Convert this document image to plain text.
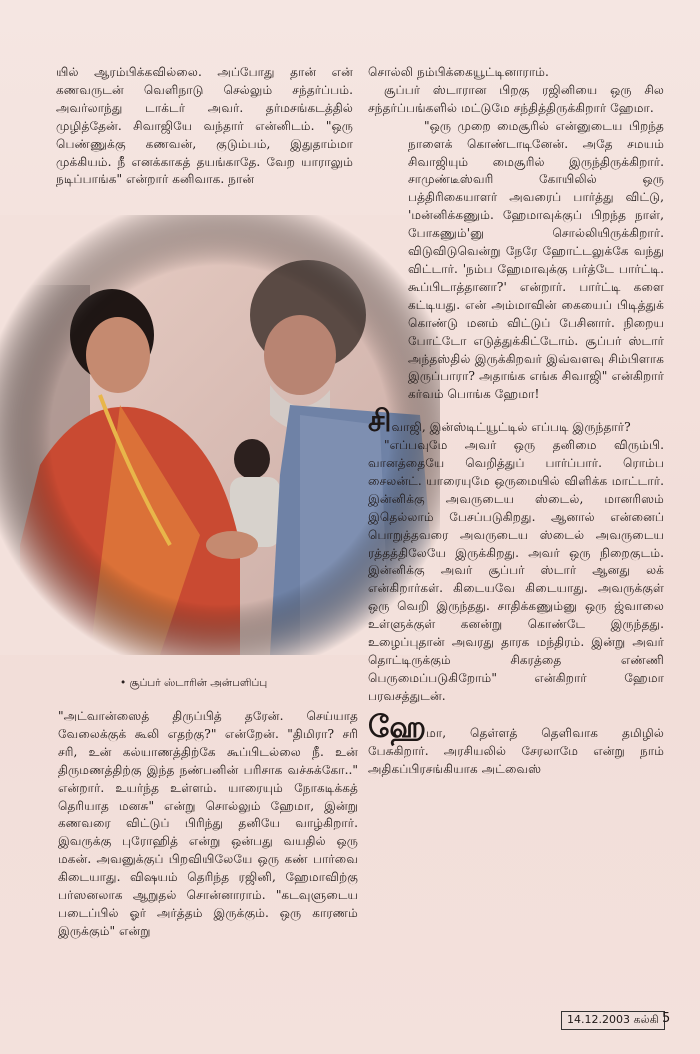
யில் ஆரம்பிக்கவில்லை. அப்போது தான் என் கணவருடன் வெளிநாடு செல்லும் சந்தர்ப்பம். அவர்லாந்து டாக்டர் அவர். தர்மசங்கடத்தில் முழித்தேன். சிவாஜியே வந்தார் என்னிடம். "ஒரு பெண்ணுக்கு கணவன், குடும்பம், இதுதாம்மா முக்கியம். நீ எனக்காகத் தயங்காதே. வேற யாராலும் நடிப்பாங்க" என்றார் கனிவாக. நான்

• சூப்பர் ஸ்டாரின் அன்பளிப்பு

"அட்வான்ஸைத் திருப்பித் தரேன். செய்யாத வேலைக்குக் கூலி எதற்கு?" என்றேன். "திமிரா? சரி சரி, உன் கல்யாணத்திற்கே கூப்பிடல்லை நீ. உன் திருமணத்திற்கு இந்த நண்பனின் பரிசாக வச்சுக்கோ.." என்றார். உயர்ந்த உள்ளம். யாரையும் நோகடிக்கத் தெரியாத மனசு" என்று சொல்லும் ஹேமா, இன்று கணவரை விட்டுப் பிரிந்து தனியே வாழ்கிறார். இவருக்கு புரோஹித் என்று ஒன்பது வயதில் ஒரு மகன். அவனுக்குப் பிறவியிலேயே ஒரு கண் பார்வை கிடையாது. விஷயம் தெரிந்த ரஜினி, ஹேமாவிற்கு பர்ஸனலாக ஆறுதல் சொன்னாராம். "கடவுளுடைய படைப்பில் ஓர் அர்த்தம் இருக்கும். ஒரு காரணம் இருக்கும்" என்று

சொல்லி நம்பிக்கையூட்டினாராம்.

சூப்பர் ஸ்டாரான பிறகு ரஜினியை ஒரு சில சந்தர்ப்பங்களில் மட்டுமே சந்தித்திருக்கிறார் ஹேமா.

"ஒரு முறை மைசூரில் என்னுடைய பிறந்த நாளைக் கொண்டாடினேன். அதே சமயம் சிவாஜியும் மைசூரில் இருந்திருக்கிறார். சாமுண்டீஸ்வரி கோயிலில் ஒரு பத்திரிகையாளர் அவரைப் பார்த்து விட்டு, 'மன்னிக்கணும். ஹேமாவுக்குப் பிறந்த நாள், போகணும்'னு சொல்லியிருக்கிறார். விடுவிடுவென்று நேரே ஹோட்டலுக்கே வந்து விட்டார். 'நம்ப ஹேமாவுக்கு பர்த்டே பார்ட்டி. கூப்பிடாத்தானா?' என்றார். பார்ட்டி களை கட்டியது. என் அம்மாவின் கையைப் பிடித்துக் கொண்டு மனம் விட்டுப் பேசினார். நிறைய போட்டோ எடுத்துக்கிட்டோம். சூப்பர் ஸ்டார் அந்தஸ்தில் இருக்கிறவர் இவ்வளவு சிம்பிளாக இருப்பாரா? அதாங்க எங்க சிவாஜி" என்கிறார் கர்வம் பொங்க ஹேமா!

சிவாஜி, இன்ஸ்டிட்யூட்டில் எப்படி இருந்தார்?

"எப்பவுமே அவர் ஒரு தனிமை விரும்பி. வானத்தையே வெறித்துப் பார்ப்பார். ரொம்ப சைலன்ட். யாரையுமே ஒருமையில் விளிக்க மாட்டார். இன்னிக்கு அவருடைய ஸ்டைல், மானரிஸம் இதெல்லாம் பேசப்படுகிறது. ஆனால் என்னைப் பொறுத்தவரை அவருடைய ஸ்டைல் அவருடைய ரத்தத்திலேயே இருக்கிறது. அவர் ஒரு நிறைகுடம். இன்னிக்கு அவர் சூப்பர் ஸ்டார் ஆனது லக் என்கிறார்கள். கிடையவே கிடையாது. அவருக்குள் ஒரு வெறி இருந்தது. சாதிக்கணும்னு ஒரு ஜ்வாலை உள்ளுக்குள் கனன்று கொண்டே இருந்தது. உழைப்புதான் அவரது தாரக மந்திரம். இன்று அவர் தொட்டிருக்கும் சிகரத்தை எண்ணி பெருமைப்படுகிறோம்" என்கிறார் ஹேமா பரவசத்துடன்.

ஹேமா, தெள்ளத் தெளிவாக தமிழில் பேசுகிறார். அரசியலில் சேரலாமே என்று நாம் அதிகப்பிரசங்கியாக அட்வைஸ்

14.12.2003 கல்கி 5
